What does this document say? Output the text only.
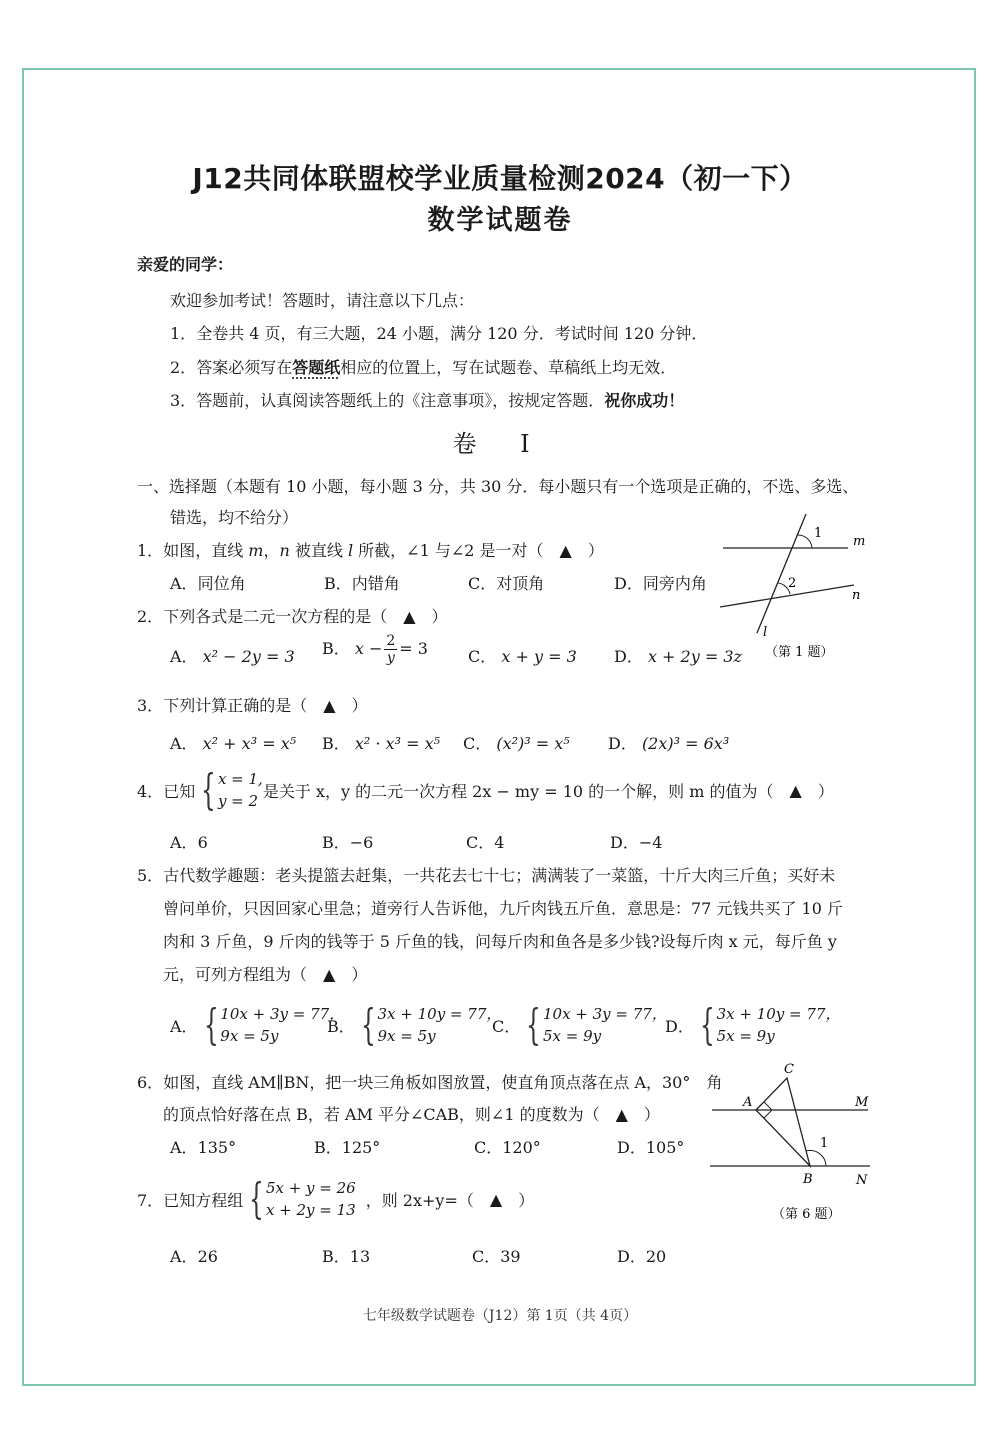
J12共同体联盟校学业质量检测2024（初一下）
数学试题卷
亲爱的同学：
欢迎参加考试！答题时，请注意以下几点：
1．全卷共 4 页，有三大题，24 小题，满分 120 分．考试时间 120 分钟．
2．答案必须写在答题纸相应的位置上，写在试题卷、草稿纸上均无效．
3．答题前，认真阅读答题纸上的《注意事项》，按规定答题．祝你成功！
卷 Ⅰ
一、选择题（本题有 10 小题，每小题 3 分，共 30 分．每小题只有一个选项是正确的，不选、多选、
错选，均不给分）
1．如图，直线 m，n 被直线 l 所截，∠1 与∠2 是一对（　▲　）
A．同位角	B．内错角	C．对顶角	D．同旁内角
1
2
m
n
l
（第 1 题）
2．下列各式是二元一次方程的是（　▲　）
A． x² − 2y = 3 B． $x - \frac{2}{y} = 3$	C． x + y = 3 D． x + 2y = 3z
3．下列计算正确的是（　▲　）
A． x² + x³ = x⁵ B． x² · x³ = x⁵ C． (x²)³ = x⁵ D． (2x)³ = 6x³
4． 已知 { x = 1,
y = 2
是关于 x，y 的二元一次方程 2x − my = 10 的一个解，则 m 的值为（　 ▲ 　）
A．6	B．−6	C．4	D．−4
5．古代数学趣题：老头提篮去赶集，一共花去七十七；满满装了一菜篮，十斤大肉三斤鱼；买好未
曾问单价，只因回家心里急；道旁行人告诉他，九斤肉钱五斤鱼．意思是：77 元钱共买了 10 斤
肉和 3 斤鱼，9 斤肉的钱等于 5 斤鱼的钱，问每斤肉和鱼各是多少钱?设每斤肉 x 元，每斤鱼 y
元，可列方程组为（　▲　）
A． { 10x + 3y = 77，
9x = 5y
B． { 3x + 10y = 77，
9x = 5y
C． { 10x + 3y = 77，
5x = 9y
D． { 3x + 10y = 77，
5x = 9y
6．如图，直线 AM∥BN，把一块三角板如图放置，使直角顶点落在点 A，30°　角
的顶点恰好落在点 B，若 AM 平分∠CAB，则∠1 的度数为（　▲　）
A．135°	B．125°	C．120°	D．105°
C
A	M
B	N
1
（第 6 题）
7． 已知方程组 { 5x + y = 26
x + 2y = 13
，则 2x+y=（　 ▲ 　）
A．26	B．13	C．39	D．20
七年级数学试题卷（J12）第 1页（共 4页）
